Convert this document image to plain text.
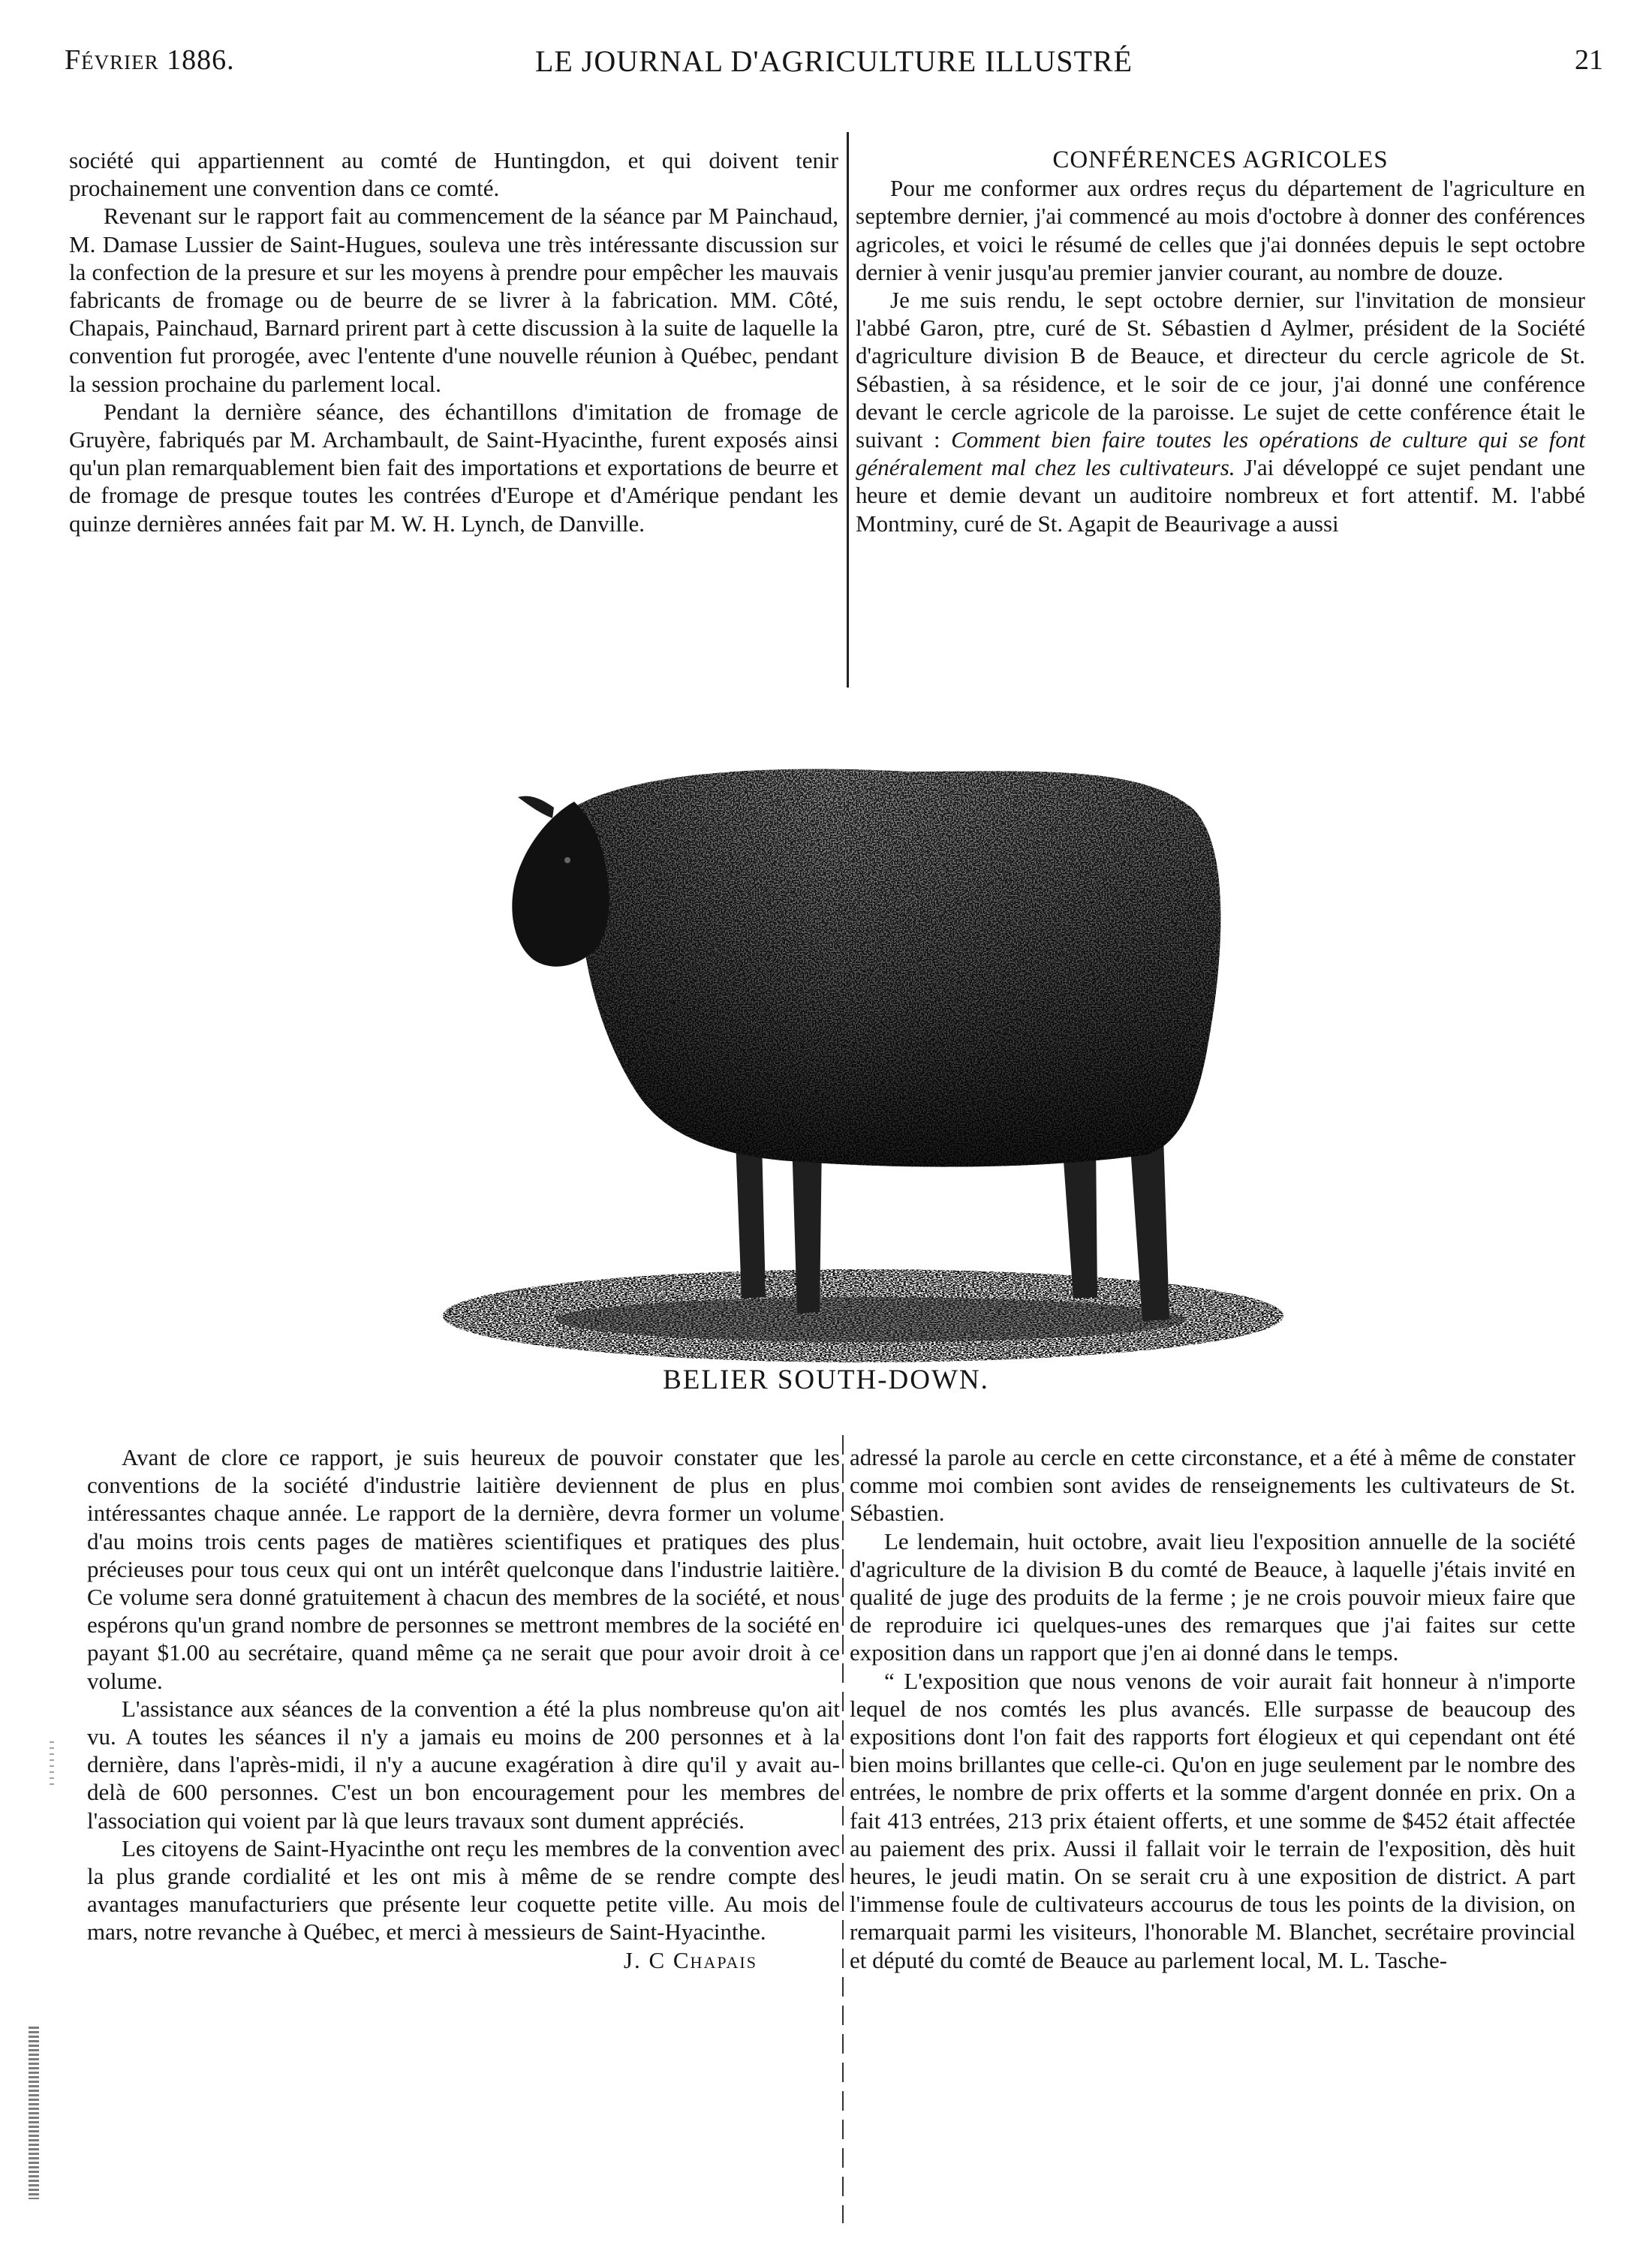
Février 1886.	LE JOURNAL D'AGRICULTURE ILLUSTRÉ	21

société qui appartiennent au comté de Huntingdon, et qui doivent tenir prochainement une convention dans ce comté.

Revenant sur le rapport fait au commencement de la séance par M Painchaud, M. Damase Lussier de Saint-Hugues, souleva une très intéressante discussion sur la confection de la presure et sur les moyens à prendre pour empêcher les mauvais fabricants de fromage ou de beurre de se livrer à la fabrication. MM. Côté, Chapais, Painchaud, Barnard prirent part à cette discussion à la suite de laquelle la convention fut prorogée, avec l'entente d'une nouvelle réunion à Québec, pendant la session prochaine du parlement local.

Pendant la dernière séance, des échantillons d'imitation de fromage de Gruyère, fabriqués par M. Archambault, de Saint-Hyacinthe, furent exposés ainsi qu'un plan remarquablement bien fait des importations et exportations de beurre et de fromage de presque toutes les contrées d'Europe et d'Amérique pendant les quinze dernières années fait par M. W. H. Lynch, de Danville.

CONFÉRENCES AGRICOLES

Pour me conformer aux ordres reçus du département de l'agriculture en septembre dernier, j'ai commencé au mois d'octobre à donner des conférences agricoles, et voici le résumé de celles que j'ai données depuis le sept octobre dernier à venir jusqu'au premier janvier courant, au nombre de douze.

Je me suis rendu, le sept octobre dernier, sur l'invitation de monsieur l'abbé Garon, ptre, curé de St. Sébastien d Aylmer, président de la Société d'agriculture division B de Beauce, et directeur du cercle agricole de St. Sébastien, à sa résidence, et le soir de ce jour, j'ai donné une conférence devant le cercle agricole de la paroisse. Le sujet de cette conférence était le suivant : Comment bien faire toutes les opérations de culture qui se font généralement mal chez les cultivateurs. J'ai développé ce sujet pendant une heure et demie devant un auditoire nombreux et fort attentif. M. l'abbé Montminy, curé de St. Agapit de Beaurivage a aussi

BELIER SOUTH-DOWN.

Avant de clore ce rapport, je suis heureux de pouvoir constater que les conventions de la société d'industrie laitière deviennent de plus en plus intéressantes chaque année. Le rapport de la dernière, devra former un volume d'au moins trois cents pages de matières scientifiques et pratiques des plus précieuses pour tous ceux qui ont un intérêt quelconque dans l'industrie laitière. Ce volume sera donné gratuitement à chacun des membres de la société, et nous espérons qu'un grand nombre de personnes se mettront membres de la société en payant $1.00 au secrétaire, quand même ça ne serait que pour avoir droit à ce volume.

L'assistance aux séances de la convention a été la plus nombreuse qu'on ait vu. A toutes les séances il n'y a jamais eu moins de 200 personnes et à la dernière, dans l'après-midi, il n'y a aucune exagération à dire qu'il y avait au-delà de 600 personnes. C'est un bon encouragement pour les membres de l'association qui voient par là que leurs travaux sont dument appréciés.

Les citoyens de Saint-Hyacinthe ont reçu les membres de la convention avec la plus grande cordialité et les ont mis à même de se rendre compte des avantages manufacturiers que présente leur coquette petite ville. Au mois de mars, notre revanche à Québec, et merci à messieurs de Saint-Hyacinthe.

J. C Chapais

adressé la parole au cercle en cette circonstance, et a été à même de constater comme moi combien sont avides de renseignements les cultivateurs de St. Sébastien.

Le lendemain, huit octobre, avait lieu l'exposition annuelle de la société d'agriculture de la division B du comté de Beauce, à laquelle j'étais invité en qualité de juge des produits de la ferme ; je ne crois pouvoir mieux faire que de reproduire ici quelques-unes des remarques que j'ai faites sur cette exposition dans un rapport que j'en ai donné dans le temps.

“ L'exposition que nous venons de voir aurait fait honneur à n'importe lequel de nos comtés les plus avancés. Elle surpasse de beaucoup des expositions dont l'on fait des rapports fort élogieux et qui cependant ont été bien moins brillantes que celle-ci. Qu'on en juge seulement par le nombre des entrées, le nombre de prix offerts et la somme d'argent donnée en prix. On a fait 413 entrées, 213 prix étaient offerts, et une somme de $452 était affectée au paiement des prix. Aussi il fallait voir le terrain de l'exposition, dès huit heures, le jeudi matin. On se serait cru à une exposition de district. A part l'immense foule de cultivateurs accourus de tous les points de la division, on remarquait parmi les visiteurs, l'honorable M. Blanchet, secrétaire provincial et député du comté de Beauce au parlement local, M. L. Tasche-
